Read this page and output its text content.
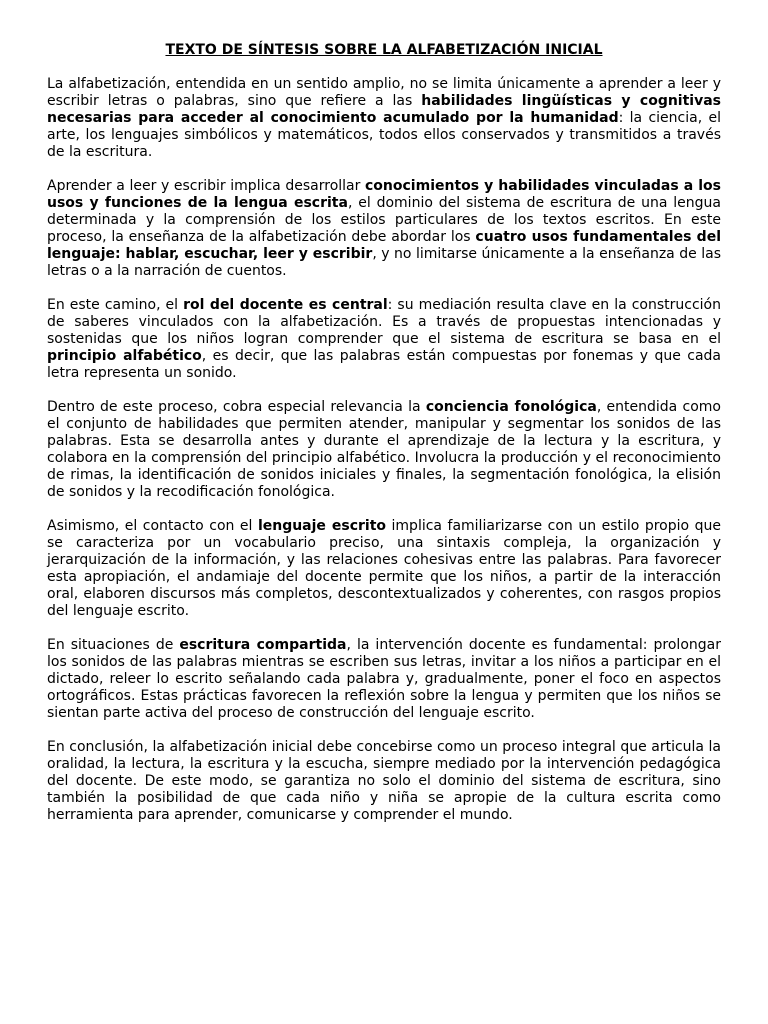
TEXTO DE SÍNTESIS SOBRE LA ALFABETIZACIÓN INICIAL

La alfabetización, entendida en un sentido amplio, no se limita únicamente a aprender a leer y escribir letras o palabras, sino que refiere a las habilidades lingüísticas y cognitivas necesarias para acceder al conocimiento acumulado por la humanidad: la ciencia, el arte, los lenguajes simbólicos y matemáticos, todos ellos conservados y transmitidos a través de la escritura.

Aprender a leer y escribir implica desarrollar conocimientos y habilidades vinculadas a los usos y funciones de la lengua escrita, el dominio del sistema de escritura de una lengua determinada y la comprensión de los estilos particulares de los textos escritos. En este proceso, la enseñanza de la alfabetización debe abordar los cuatro usos fundamentales del lenguaje: hablar, escuchar, leer y escribir, y no limitarse únicamente a la enseñanza de las letras o a la narración de cuentos.

En este camino, el rol del docente es central: su mediación resulta clave en la construcción de saberes vinculados con la alfabetización. Es a través de propuestas intencionadas y sostenidas que los niños logran comprender que el sistema de escritura se basa en el principio alfabético, es decir, que las palabras están compuestas por fonemas y que cada letra representa un sonido.

Dentro de este proceso, cobra especial relevancia la conciencia fonológica, entendida como el conjunto de habilidades que permiten atender, manipular y segmentar los sonidos de las palabras. Esta se desarrolla antes y durante el aprendizaje de la lectura y la escritura, y colabora en la comprensión del principio alfabético. Involucra la producción y el reconocimiento de rimas, la identificación de sonidos iniciales y finales, la segmentación fonológica, la elisión de sonidos y la recodificación fonológica.

Asimismo, el contacto con el lenguaje escrito implica familiarizarse con un estilo propio que se caracteriza por un vocabulario preciso, una sintaxis compleja, la organización y jerarquización de la información, y las relaciones cohesivas entre las palabras. Para favorecer esta apropiación, el andamiaje del docente permite que los niños, a partir de la interacción oral, elaboren discursos más completos, descontextualizados y coherentes, con rasgos propios del lenguaje escrito.

En situaciones de escritura compartida, la intervención docente es fundamental: prolongar los sonidos de las palabras mientras se escriben sus letras, invitar a los niños a participar en el dictado, releer lo escrito señalando cada palabra y, gradualmente, poner el foco en aspectos ortográficos. Estas prácticas favorecen la reflexión sobre la lengua y permiten que los niños se sientan parte activa del proceso de construcción del lenguaje escrito.

En conclusión, la alfabetización inicial debe concebirse como un proceso integral que articula la oralidad, la lectura, la escritura y la escucha, siempre mediado por la intervención pedagógica del docente. De este modo, se garantiza no solo el dominio del sistema de escritura, sino también la posibilidad de que cada niño y niña se apropie de la cultura escrita como herramienta para aprender, comunicarse y comprender el mundo.
